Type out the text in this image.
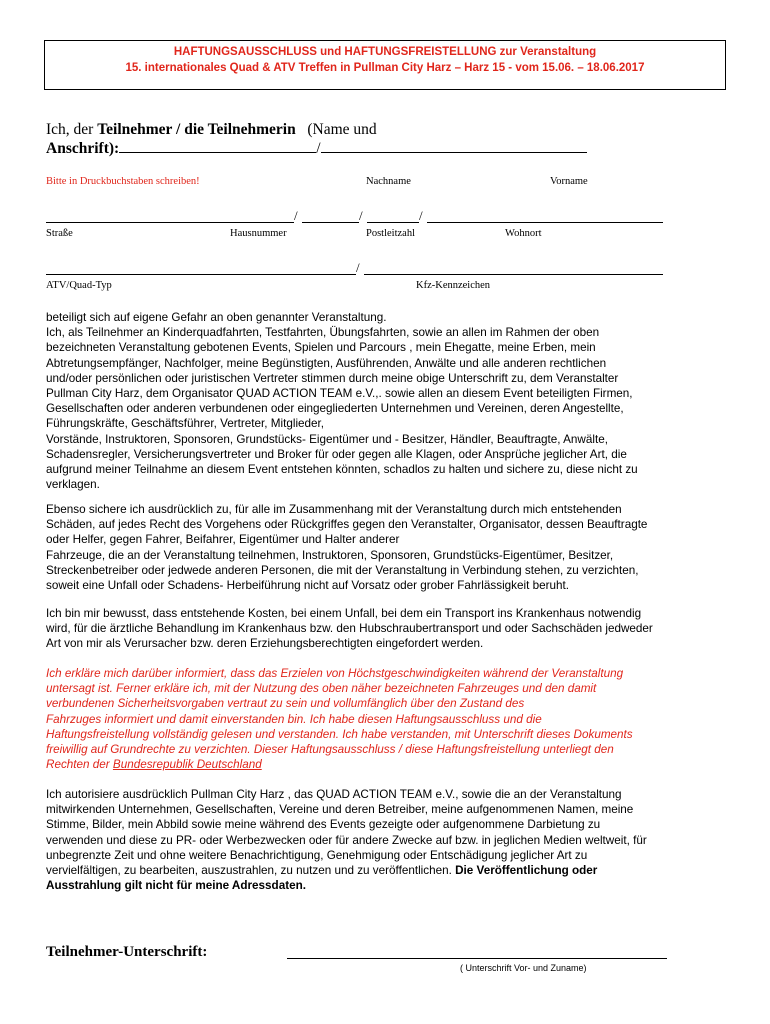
HAFTUNGSAUSSCHLUSS und HAFTUNGSFREISTELLUNG zur Veranstaltung
15. internationales Quad & ATV Treffen in Pullman City Harz – Harz 15 - vom 15.06. – 18.06.2017
Ich, der Teilnehmer / die Teilnehmerin (Name und
Anschrift):	/
Bitte in Druckbuchstaben schreiben!	Nachname	Vorname
/	/	/
Straße	Hausnummer	Postleitzahl	Wohnort
/
ATV/Quad-Typ	Kfz-Kennzeichen
beteiligt sich auf eigene Gefahr an oben genannter Veranstaltung.
Ich, als Teilnehmer an Kinderquadfahrten, Testfahrten, Übungsfahrten, sowie an allen im Rahmen der oben
bezeichneten Veranstaltung gebotenen Events, Spielen und Parcours , mein Ehegatte, meine Erben, mein
Abtretungsempfänger, Nachfolger, meine Begünstigten, Ausführenden, Anwälte und alle anderen rechtlichen
und/oder persönlichen oder juristischen Vertreter stimmen durch meine obige Unterschrift zu, dem Veranstalter
Pullman City Harz, dem Organisator QUAD ACTION TEAM e.V.,. sowie allen an diesem Event beteiligten Firmen,
Gesellschaften oder anderen verbundenen oder eingegliederten Unternehmen und Vereinen, deren Angestellte,
Führungskräfte, Geschäftsführer, Vertreter, Mitglieder,
Vorstände, Instruktoren, Sponsoren, Grundstücks- Eigentümer und - Besitzer, Händler, Beauftragte, Anwälte,
Schadensregler, Versicherungsvertreter und Broker für oder gegen alle Klagen, oder Ansprüche jeglicher Art, die
aufgrund meiner Teilnahme an diesem Event entstehen könnten, schadlos zu halten und sichere zu, diese nicht zu
verklagen.
Ebenso sichere ich ausdrücklich zu, für alle im Zusammenhang mit der Veranstaltung durch mich entstehenden
Schäden, auf jedes Recht des Vorgehens oder Rückgriffes gegen den Veranstalter, Organisator, dessen Beauftragte
oder Helfer, gegen Fahrer, Beifahrer, Eigentümer und Halter anderer
Fahrzeuge, die an der Veranstaltung teilnehmen, Instruktoren, Sponsoren, Grundstücks-Eigentümer, Besitzer,
Streckenbetreiber oder jedwede anderen Personen, die mit der Veranstaltung in Verbindung stehen, zu verzichten,
soweit eine Unfall oder Schadens- Herbeiführung nicht auf Vorsatz oder grober Fahrlässigkeit beruht.
Ich bin mir bewusst, dass entstehende Kosten, bei einem Unfall, bei dem ein Transport ins Krankenhaus notwendig
wird, für die ärztliche Behandlung im Krankenhaus bzw. den Hubschraubertransport und oder Sachschäden jedweder
Art von mir als Verursacher bzw. deren Erziehungsberechtigten eingefordert werden.
Ich erkläre mich darüber informiert, dass das Erzielen von Höchstgeschwindigkeiten während der Veranstaltung
untersagt ist. Ferner erkläre ich, mit der Nutzung des oben näher bezeichneten Fahrzeuges und den damit
verbundenen Sicherheitsvorgaben vertraut zu sein und vollumfänglich über den Zustand des
Fahrzuges informiert und damit einverstanden bin. Ich habe diesen Haftungsausschluss und die
Haftungsfreistellung vollständig gelesen und verstanden. Ich habe verstanden, mit Unterschrift dieses Dokuments
freiwillig auf Grundrechte zu verzichten. Dieser Haftungsausschluss / diese Haftungsfreistellung unterliegt den
Rechten der Bundesrepublik Deutschland
Ich autorisiere ausdrücklich Pullman City Harz , das QUAD ACTION TEAM e.V., sowie die an der Veranstaltung
mitwirkenden Unternehmen, Gesellschaften, Vereine und deren Betreiber, meine aufgenommenen Namen, meine
Stimme, Bilder, mein Abbild sowie meine während des Events gezeigte oder aufgenommene Darbietung zu
verwenden und diese zu PR- oder Werbezwecken oder für andere Zwecke auf bzw. in jeglichen Medien weltweit, für
unbegrenzte Zeit und ohne weitere Benachrichtigung, Genehmigung oder Entschädigung jeglicher Art zu
vervielfältigen, zu bearbeiten, auszustrahlen, zu nutzen und zu veröffentlichen. Die Veröffentlichung oder
Ausstrahlung gilt nicht für meine Adressdaten.
Teilnehmer-Unterschrift:
( Unterschrift Vor- und Zuname)
